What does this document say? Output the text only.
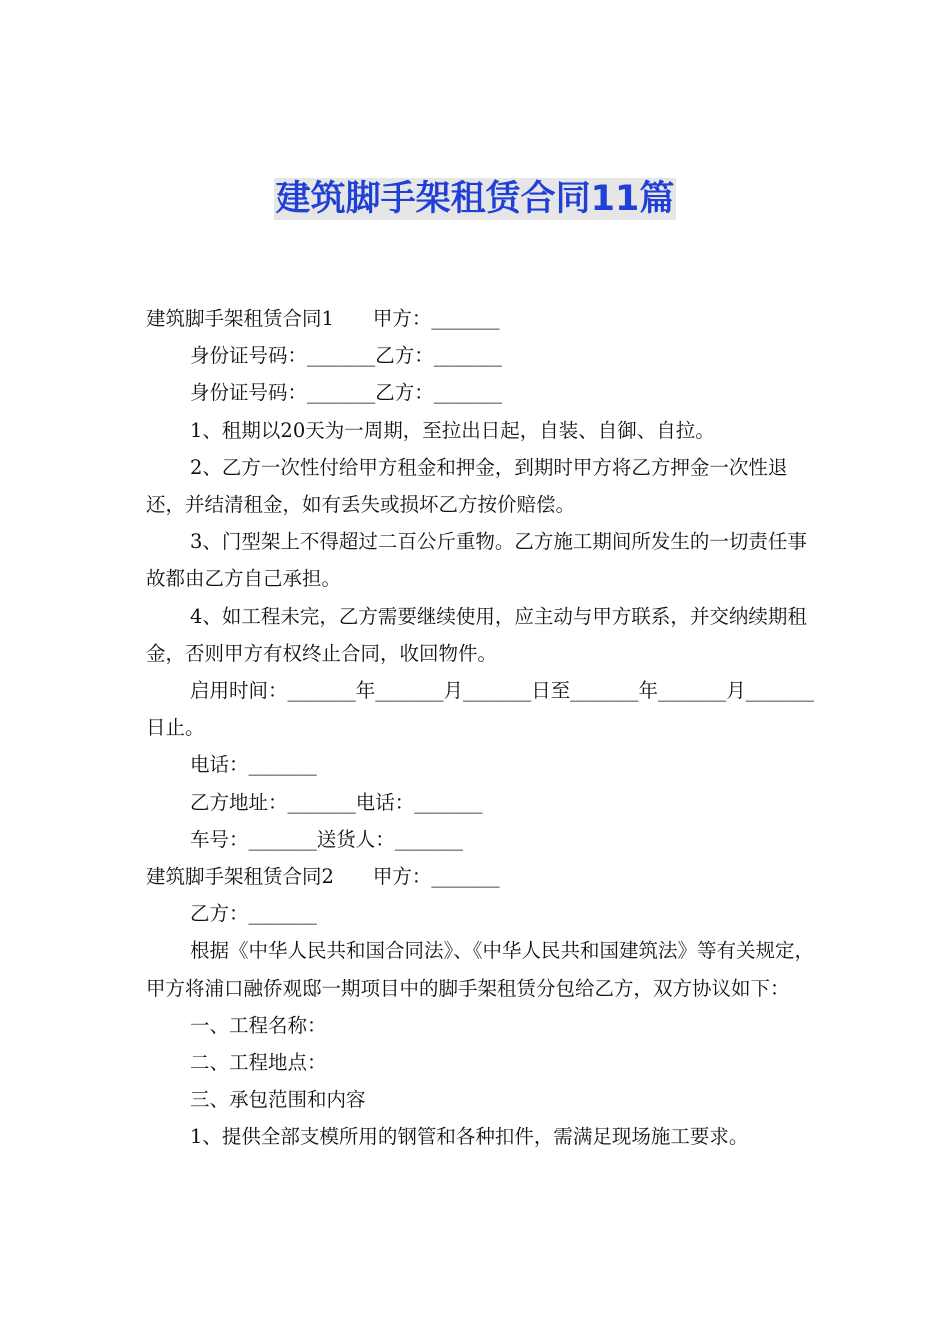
建筑脚手架租赁合同11篇

建筑脚手架租赁合同1　　甲方：_______

身份证号码：_______乙方：_______

身份证号码：_______乙方：_______

1、租期以20天为一周期，至拉出日起，自装、自御、自拉。

2、乙方一次性付给甲方租金和押金，到期时甲方将乙方押金一次性退还，并结清租金，如有丢失或损坏乙方按价赔偿。

3、门型架上不得超过二百公斤重物。乙方施工期间所发生的一切责任事故都由乙方自己承担。

4、如工程未完，乙方需要继续使用，应主动与甲方联系，并交纳续期租金，否则甲方有权终止合同，收回物件。

启用时间：_______年_______月_______日至_______年_______月_______日止。

电话：_______

乙方地址：_______电话：_______

车号：_______送货人：_______

建筑脚手架租赁合同2　　甲方：_______

乙方：_______

根据《中华人民共和国合同法》、《中华人民共和国建筑法》等有关规定，甲方将浦口融侨观邸一期项目中的脚手架租赁分包给乙方，双方协议如下：

一、工程名称：

二、工程地点：

三、承包范围和内容

1、提供全部支模所用的钢管和各种扣件，需满足现场施工要求。
